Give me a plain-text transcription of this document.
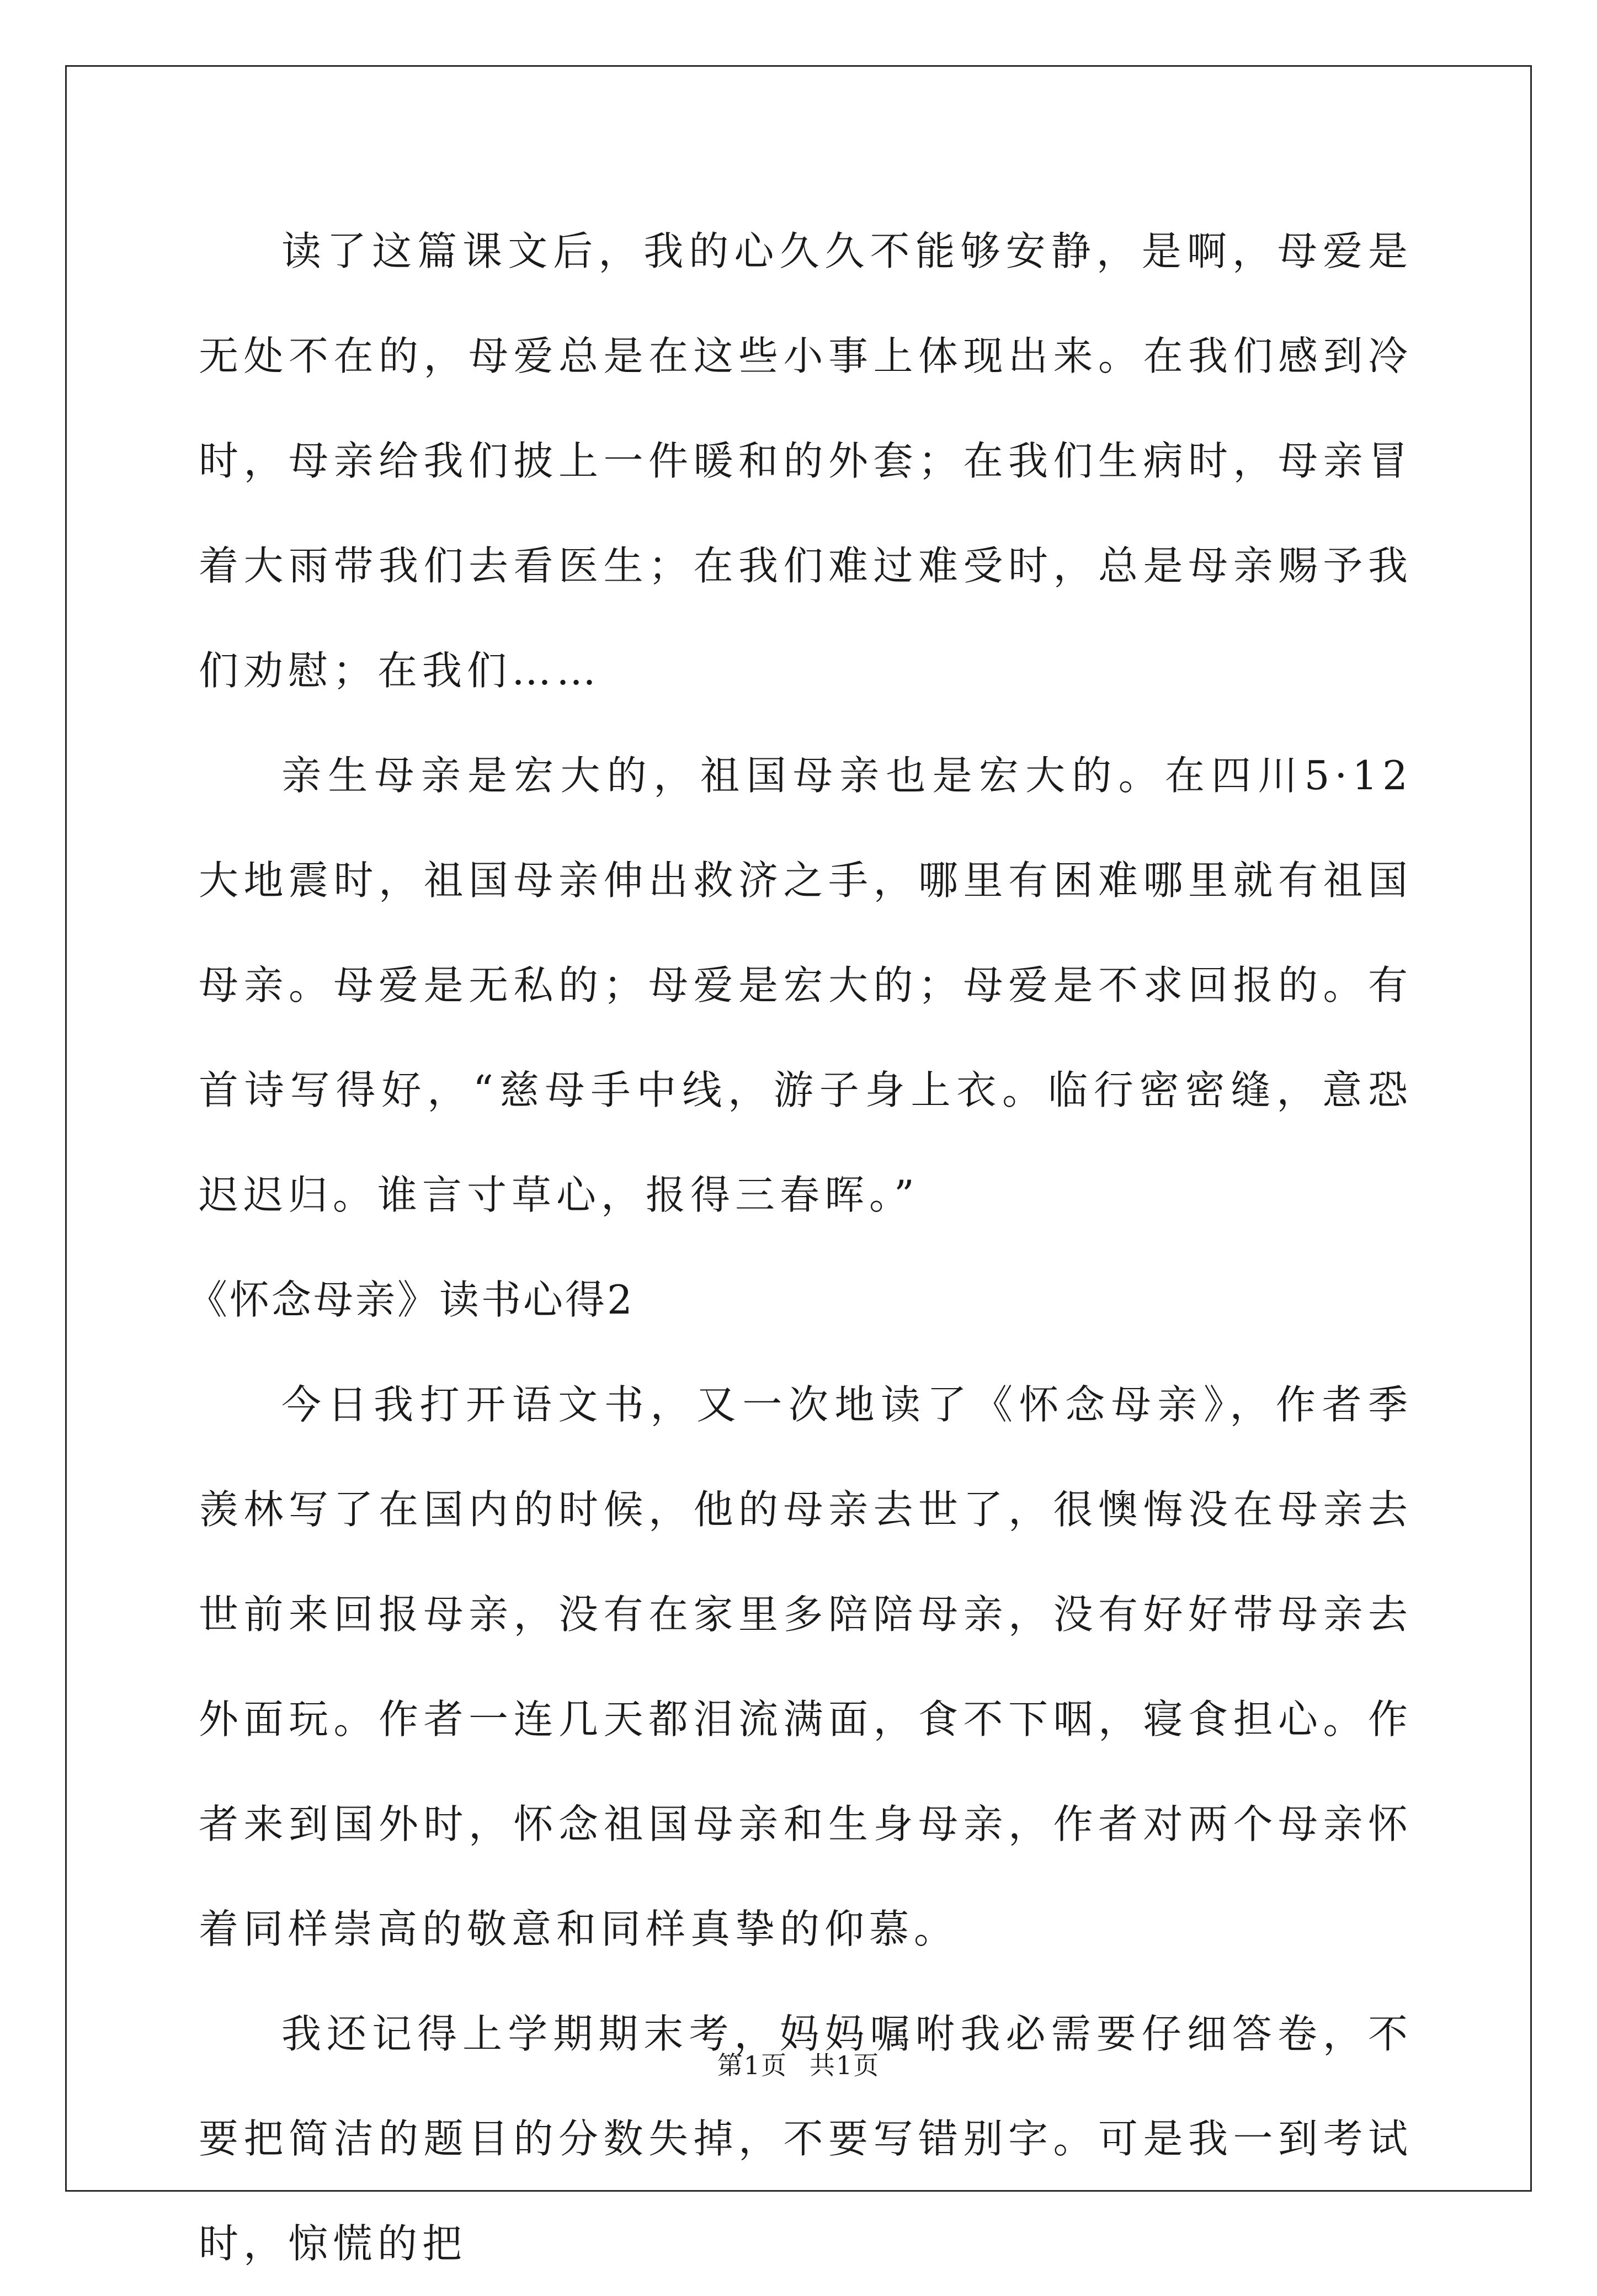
读了这篇课文后，我的心久久不能够安静，是啊，母爱是无处不在的，母爱总是在这些小事上体现出来。在我们感到冷时，母亲给我们披上一件暖和的外套；在我们生病时，母亲冒着大雨带我们去看医生；在我们难过难受时，总是母亲赐予我们劝慰；在我们……

亲生母亲是宏大的，祖国母亲也是宏大的。在四川5·12大地震时，祖国母亲伸出救济之手，哪里有困难哪里就有祖国母亲。母爱是无私的；母爱是宏大的；母爱是不求回报的。有首诗写得好，“慈母手中线，游子身上衣。临行密密缝，意恐迟迟归。谁言寸草心，报得三春晖。”

《怀念母亲》读书心得2

今日我打开语文书，又一次地读了《怀念母亲》，作者季羡林写了在国内的时候，他的母亲去世了，很懊悔没在母亲去世前来回报母亲，没有在家里多陪陪母亲，没有好好带母亲去外面玩。作者一连几天都泪流满面，食不下咽，寝食担心。作者来到国外时，怀念祖国母亲和生身母亲，作者对两个母亲怀着同样崇高的敬意和同样真挚的仰慕。

我还记得上学期期末考，妈妈嘱咐我必需要仔细答卷，不要把简洁的题目的分数失掉，不要写错别字。可是我一到考试时，惊慌的把

第1页 共1页
